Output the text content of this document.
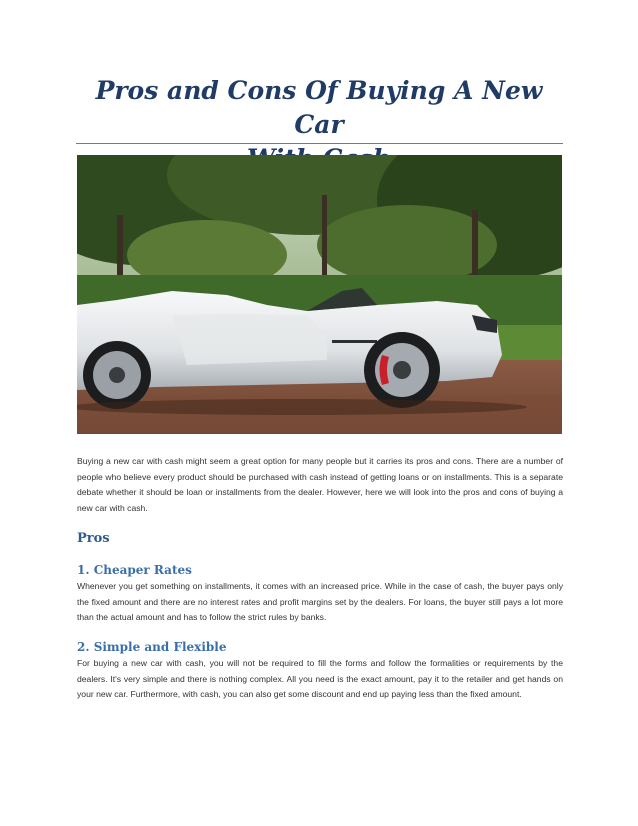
Pros and Cons Of Buying A New Car
Buying a new car with cash might seem a great option for many people but it carries its pros and cons. There are a number of people who believe every product should be purchased with cash instead of getting loans or on installments. This is a separate debate whether it should be loan or installments from the dealer. However, here we will look into the pros and cons of buying a new car with cash.
Pros
1. Cheaper Rates
Whenever you get something on installments, it comes with an increased price. While in the case of cash, the buyer pays only the fixed amount and there are no interest rates and profit margins set by the dealers. For loans, the buyer still pays a lot more than the actual amount and has to follow the strict rules by banks.
2. Simple and Flexible
For buying a new car with cash, you will not be required to fill the forms and follow the formalities or requirements by the dealers. It's very simple and there is nothing complex. All you need is the exact amount, pay it to the retailer and get hands on your new car. Furthermore, with cash, you can also get some discount and end up paying less than the fixed amount.
